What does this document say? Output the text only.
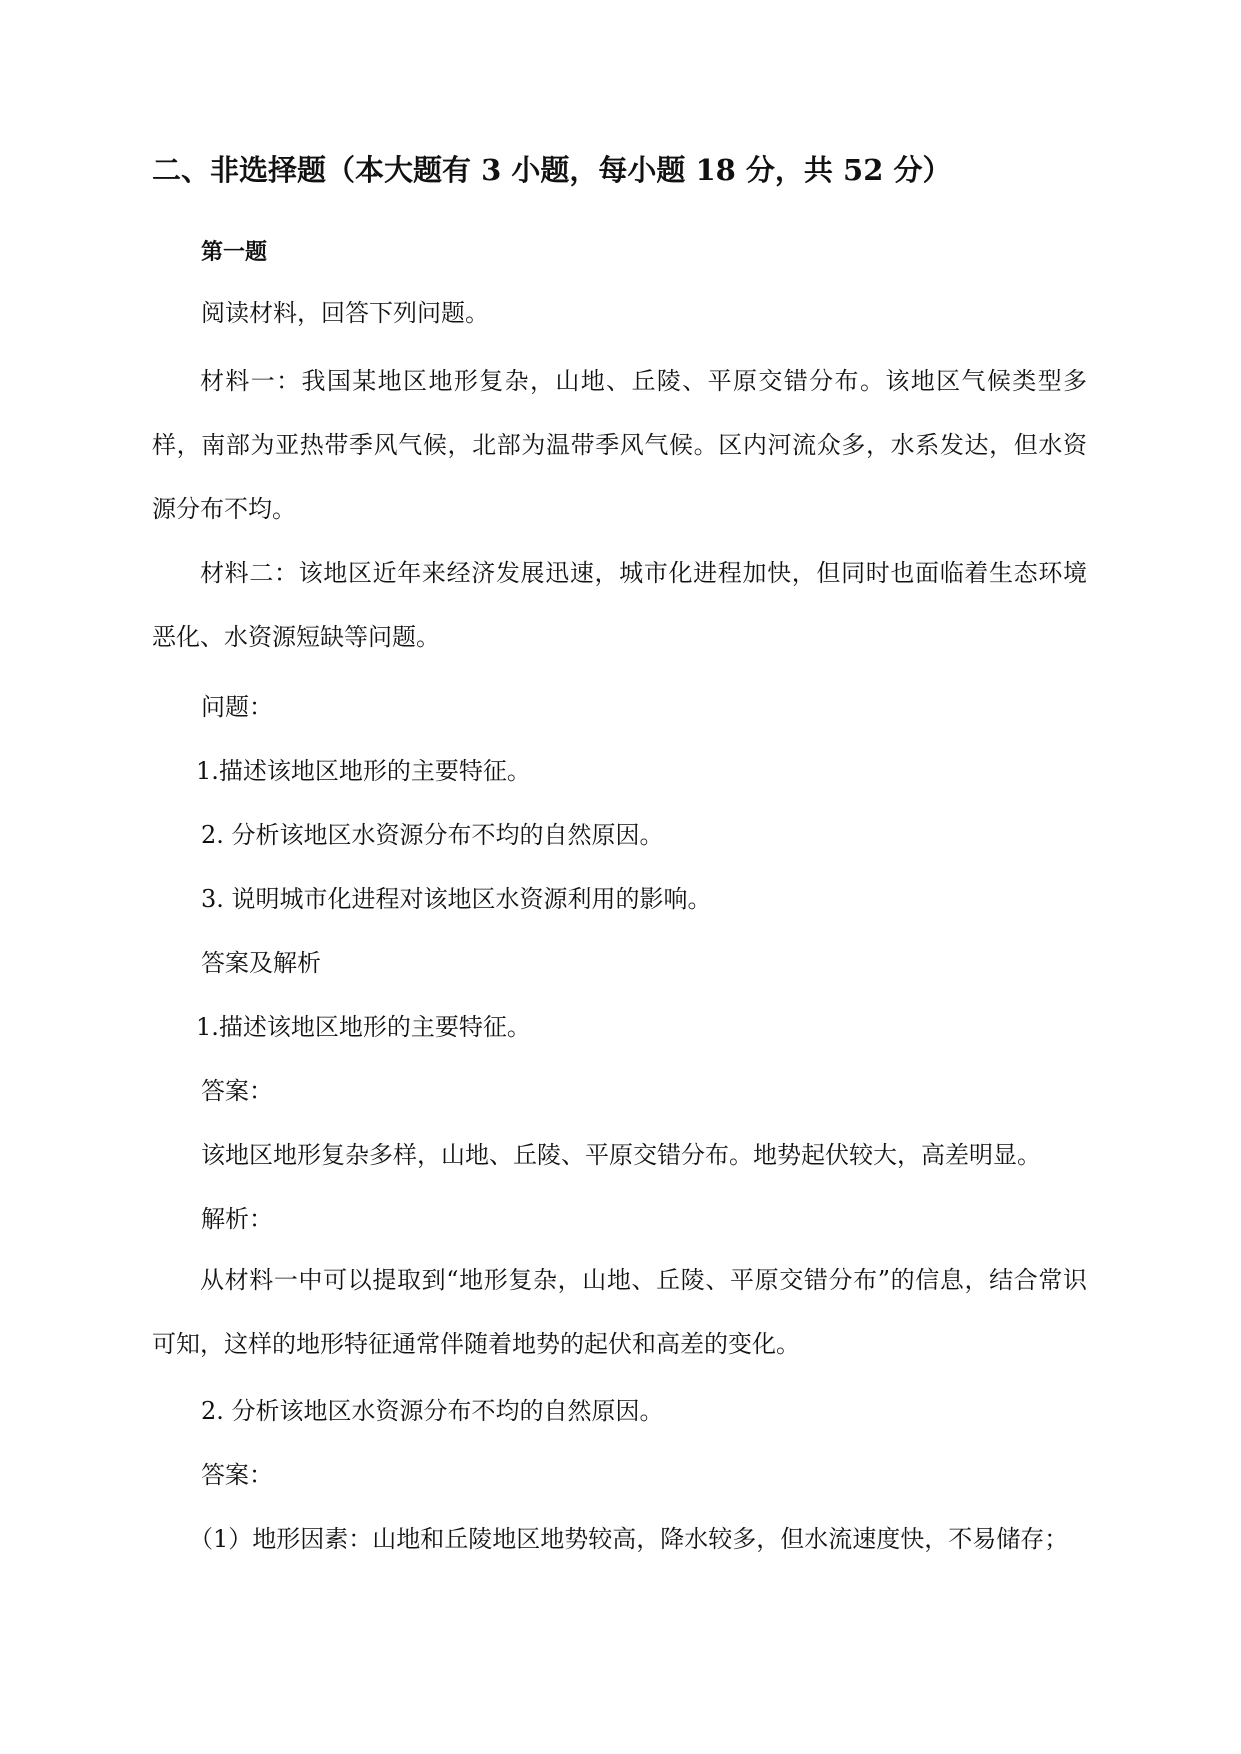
二、非选择题（本大题有 3 小题，每小题 18 分，共 52 分）
第一题

阅读材料，回答下列问题。

材料一：我国某地区地形复杂，山地、丘陵、平原交错分布。该地区气候类型多样，南部为亚热带季风气候，北部为温带季风气候。区内河流众多，水系发达，但水资源分布不均。

材料二：该地区近年来经济发展迅速，城市化进程加快，但同时也面临着生态环境恶化、水资源短缺等问题。

问题：

1.描述该地区地形的主要特征。

2. 分析该地区水资源分布不均的自然原因。

3. 说明城市化进程对该地区水资源利用的影响。

答案及解析

1.描述该地区地形的主要特征。

答案：

该地区地形复杂多样，山地、丘陵、平原交错分布。地势起伏较大，高差明显。

解析：

从材料一中可以提取到“地形复杂，山地、丘陵、平原交错分布”的信息，结合常识可知，这样的地形特征通常伴随着地势的起伏和高差的变化。

2. 分析该地区水资源分布不均的自然原因。

答案：

（1）地形因素：山地和丘陵地区地势较高，降水较多，但水流速度快，不易储存；
